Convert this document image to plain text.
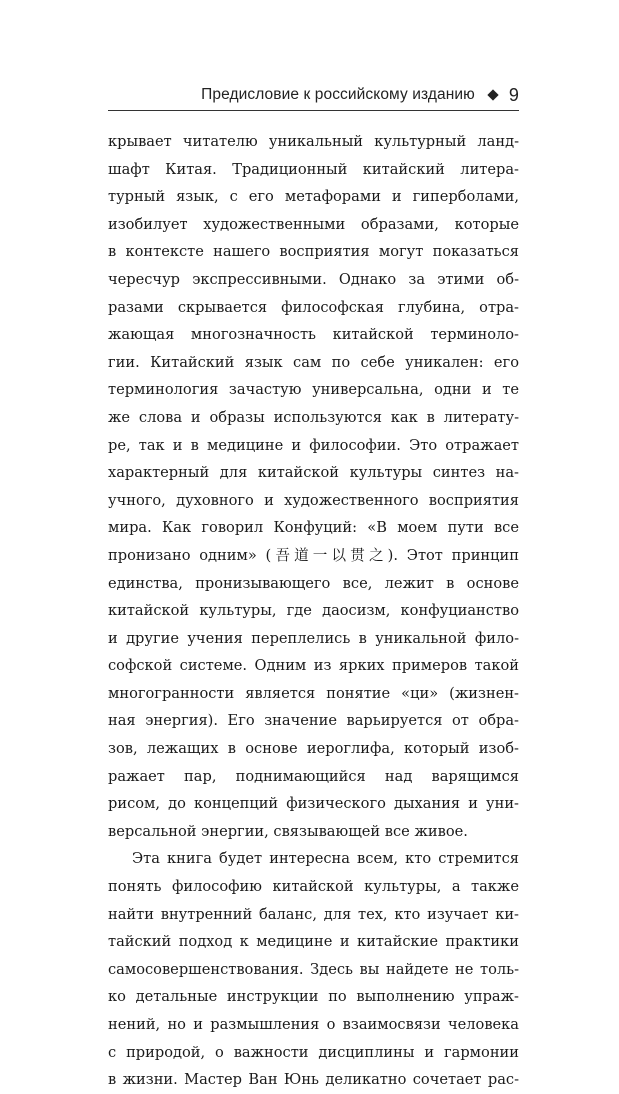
Предисловие к российскому изданию 9
крывает читателю уникальный культурный ланд-
шафт Китая. Традиционный китайский литера-
турный язык, с его метафорами и гиперболами,
изобилует художественными образами, которые
в контексте нашего восприятия могут показаться
чересчур экспрессивными. Однако за этими об-
разами скрывается философская глубина, отра-
жающая многозначность китайской терминоло-
гии. Китайский язык сам по себе уникален: его
терминология зачастую универсальна, одни и те
же слова и образы используются как в литерату-
ре, так и в медицине и философии. Это отражает
характерный для китайской культуры синтез на-
учного, духовного и художественного восприятия
мира. Как говорил Конфуций: «В моем пути все
пронизано одним» (吾道一以贯之). Этот принцип
единства, пронизывающего все, лежит в основе
китайской культуры, где даосизм, конфуцианство
и другие учения переплелись в уникальной фило-
софской системе. Одним из ярких примеров такой
многогранности является понятие «ци» (жизнен-
ная энергия). Его значение варьируется от обра-
зов, лежащих в основе иероглифа, который изоб-
ражает пар, поднимающийся над варящимся
рисом, до концепций физического дыхания и уни-
версальной энергии, связывающей все живое.
Эта книга будет интересна всем, кто стремится
понять философию китайской культуры, а также
найти внутренний баланс, для тех, кто изучает ки-
тайский подход к медицине и китайские практики
самосовершенствования. Здесь вы найдете не толь-
ко детальные инструкции по выполнению упраж-
нений, но и размышления о взаимосвязи человека
с природой, о важности дисциплины и гармонии
в жизни. Мастер Ван Юнь деликатно сочетает рас-
